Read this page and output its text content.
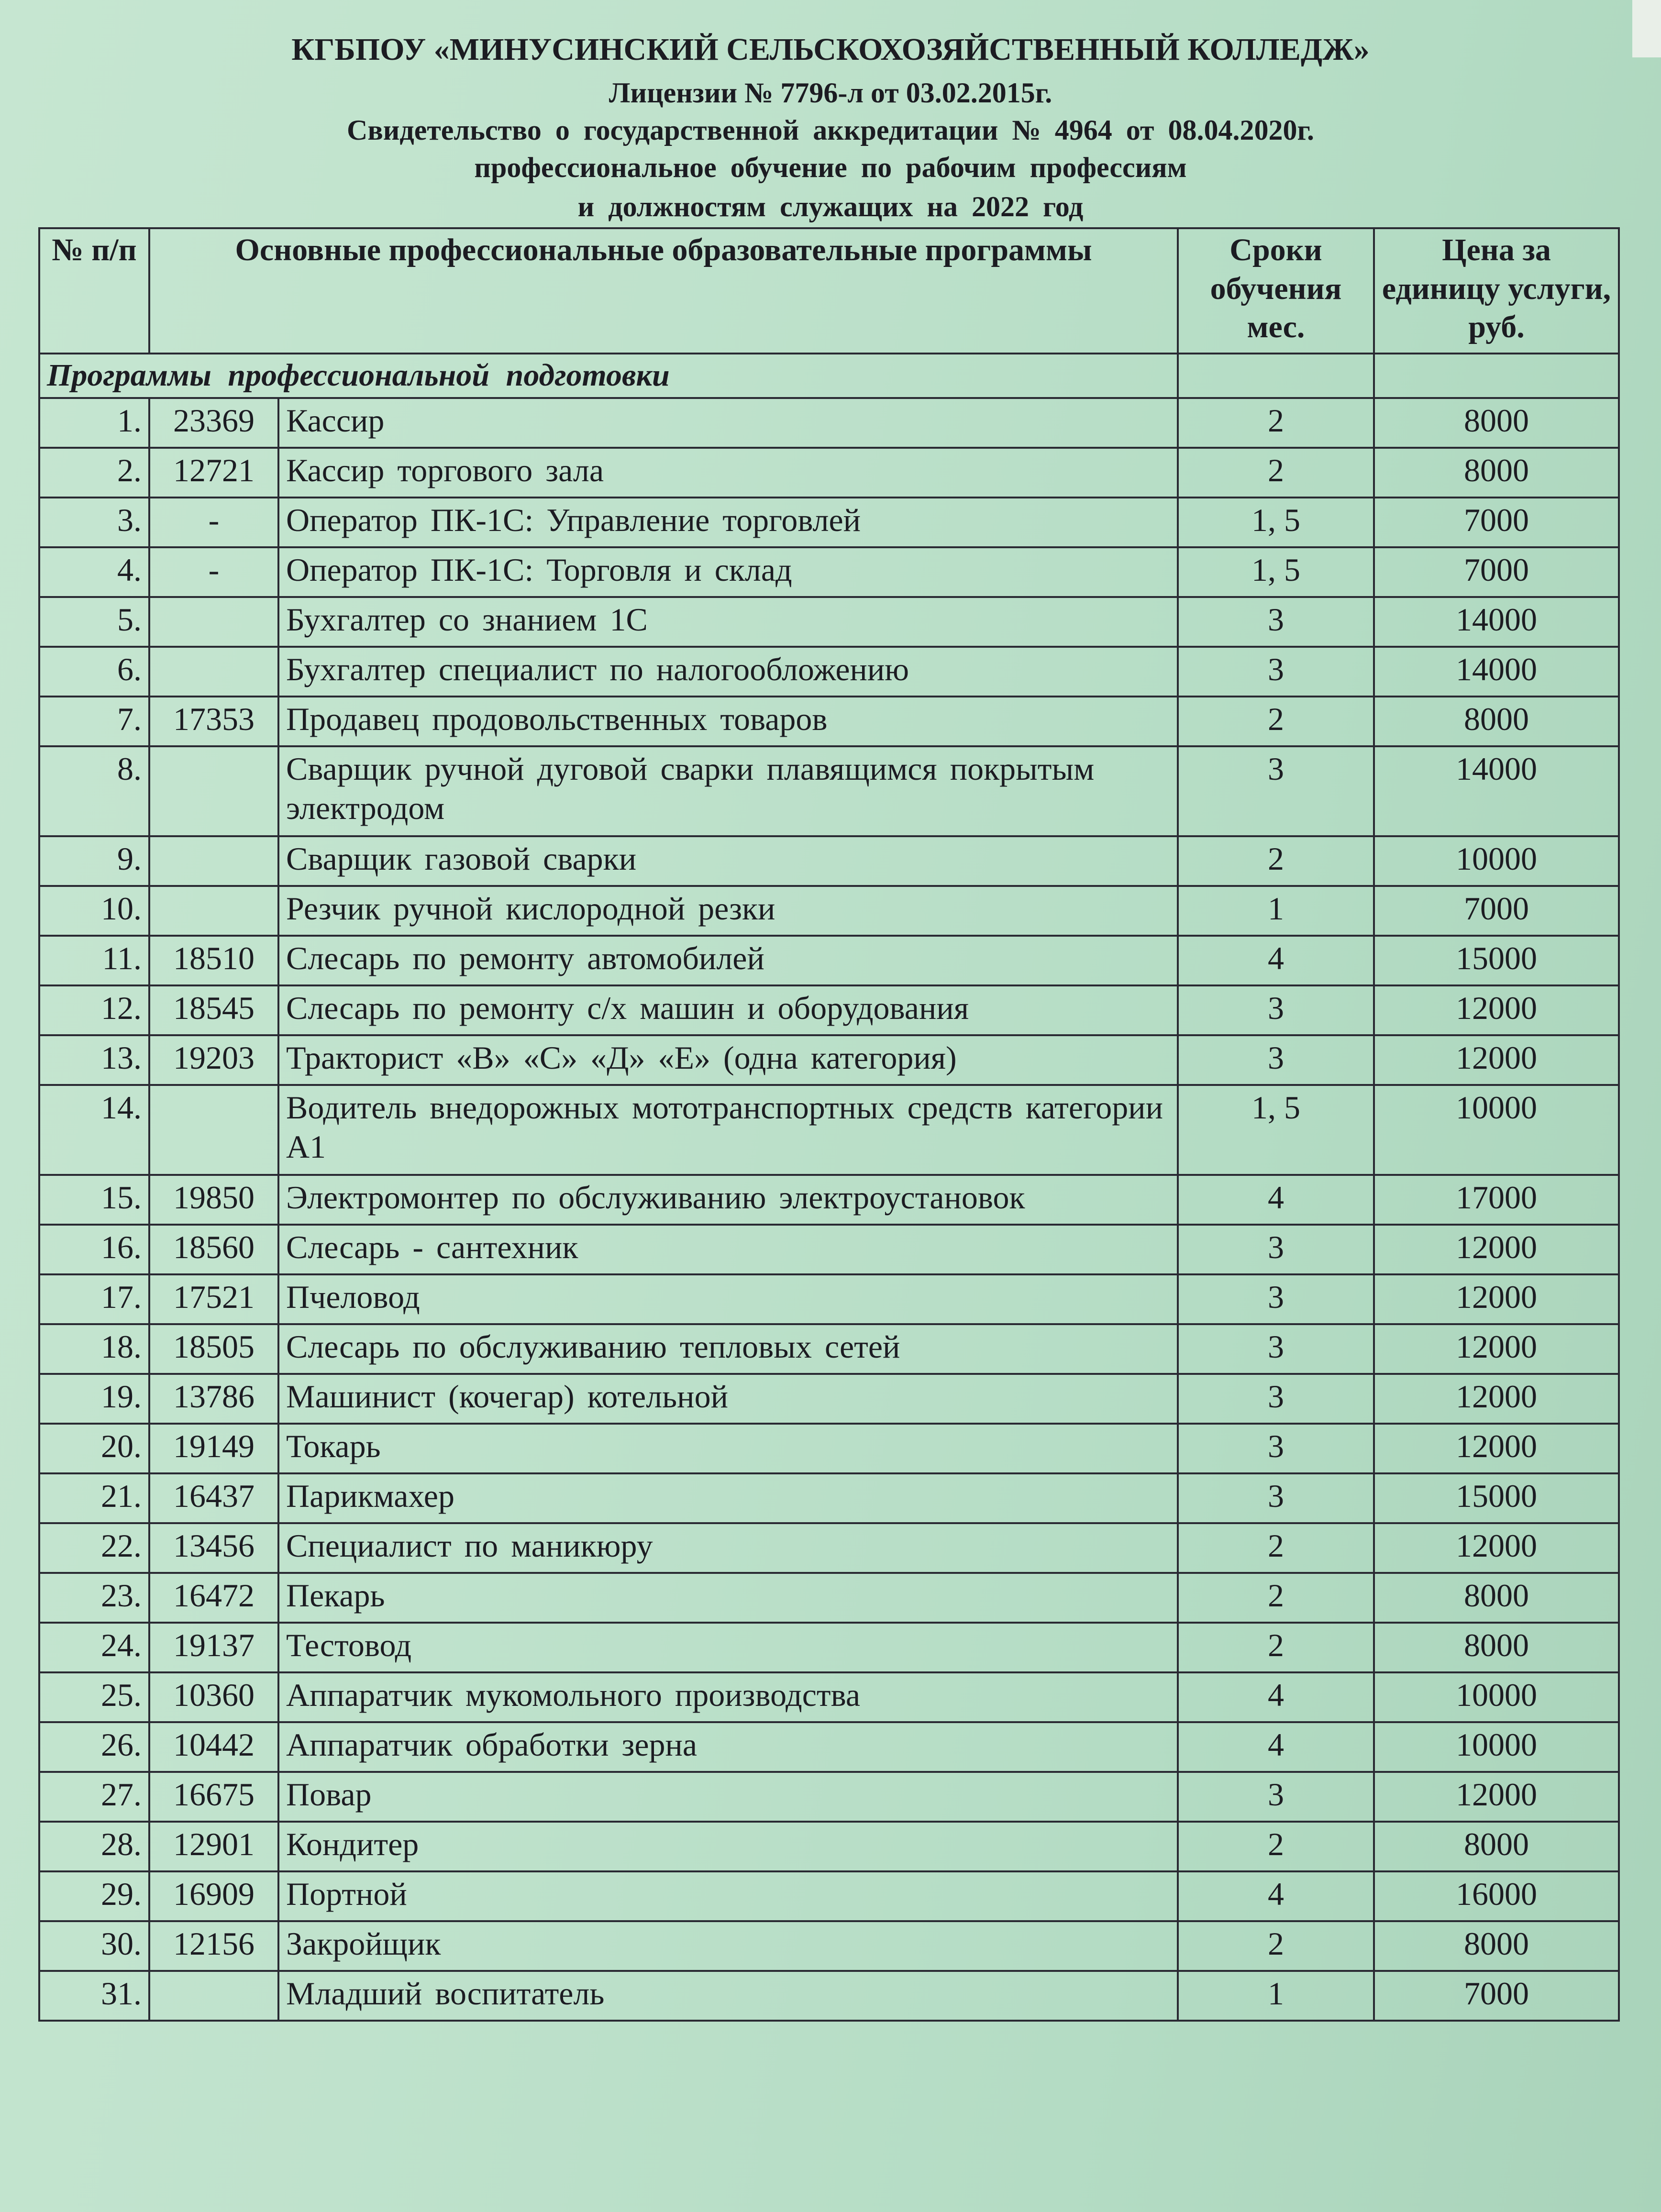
КГБПОУ «МИНУСИНСКИЙ СЕЛЬСКОХОЗЯЙСТВЕННЫЙ КОЛЛЕДЖ»
Лицензии № 7796-л от 03.02.2015г.
Свидетельство о государственной аккредитации № 4964 от 08.04.2020г.
профессиональное обучение по рабочим профессиям
и должностям служащих на 2022 год
№ п/п	Основные профессиональные образовательные программы		Сроки обучения мес.	Цена за единицу услуги, руб.
Программы профессиональной подготовки				
1.	23369	Кассир	2	8000
2.	12721	Кассир торгового зала	2	8000
3.	-	Оператор ПК-1С: Управление торговлей	1, 5	7000
4.	-	Оператор ПК-1С: Торговля и склад	1, 5	7000
5.		Бухгалтер со знанием 1С	3	14000
6.		Бухгалтер специалист по налогообложению	3	14000
7.	17353	Продавец продовольственных товаров	2	8000
8.		Сварщик ручной дуговой сварки плавящимся покрытым электродом	3	14000
9.		Сварщик газовой сварки	2	10000
10.		Резчик ручной кислородной резки	1	7000
11.	18510	Слесарь по ремонту автомобилей	4	15000
12.	18545	Слесарь по ремонту с/х машин и оборудования	3	12000
13.	19203	Тракторист «В» «С» «Д» «Е» (одна категория)	3	12000
14.		Водитель внедорожных мототранспортных средств категории А1	1, 5	10000
15.	19850	Электромонтер по обслуживанию электроустановок	4	17000
16.	18560	Слесарь - сантехник	3	12000
17.	17521	Пчеловод	3	12000
18.	18505	Слесарь по обслуживанию тепловых сетей	3	12000
19.	13786	Машинист (кочегар) котельной	3	12000
20.	19149	Токарь	3	12000
21.	16437	Парикмахер	3	15000
22.	13456	Специалист по маникюру	2	12000
23.	16472	Пекарь	2	8000
24.	19137	Тестовод	2	8000
25.	10360	Аппаратчик мукомольного производства	4	10000
26.	10442	Аппаратчик обработки зерна	4	10000
27.	16675	Повар	3	12000
28.	12901	Кондитер	2	8000
29.	16909	Портной	4	16000
30.	12156	Закройщик	2	8000
31.		Младший воспитатель	1	7000
